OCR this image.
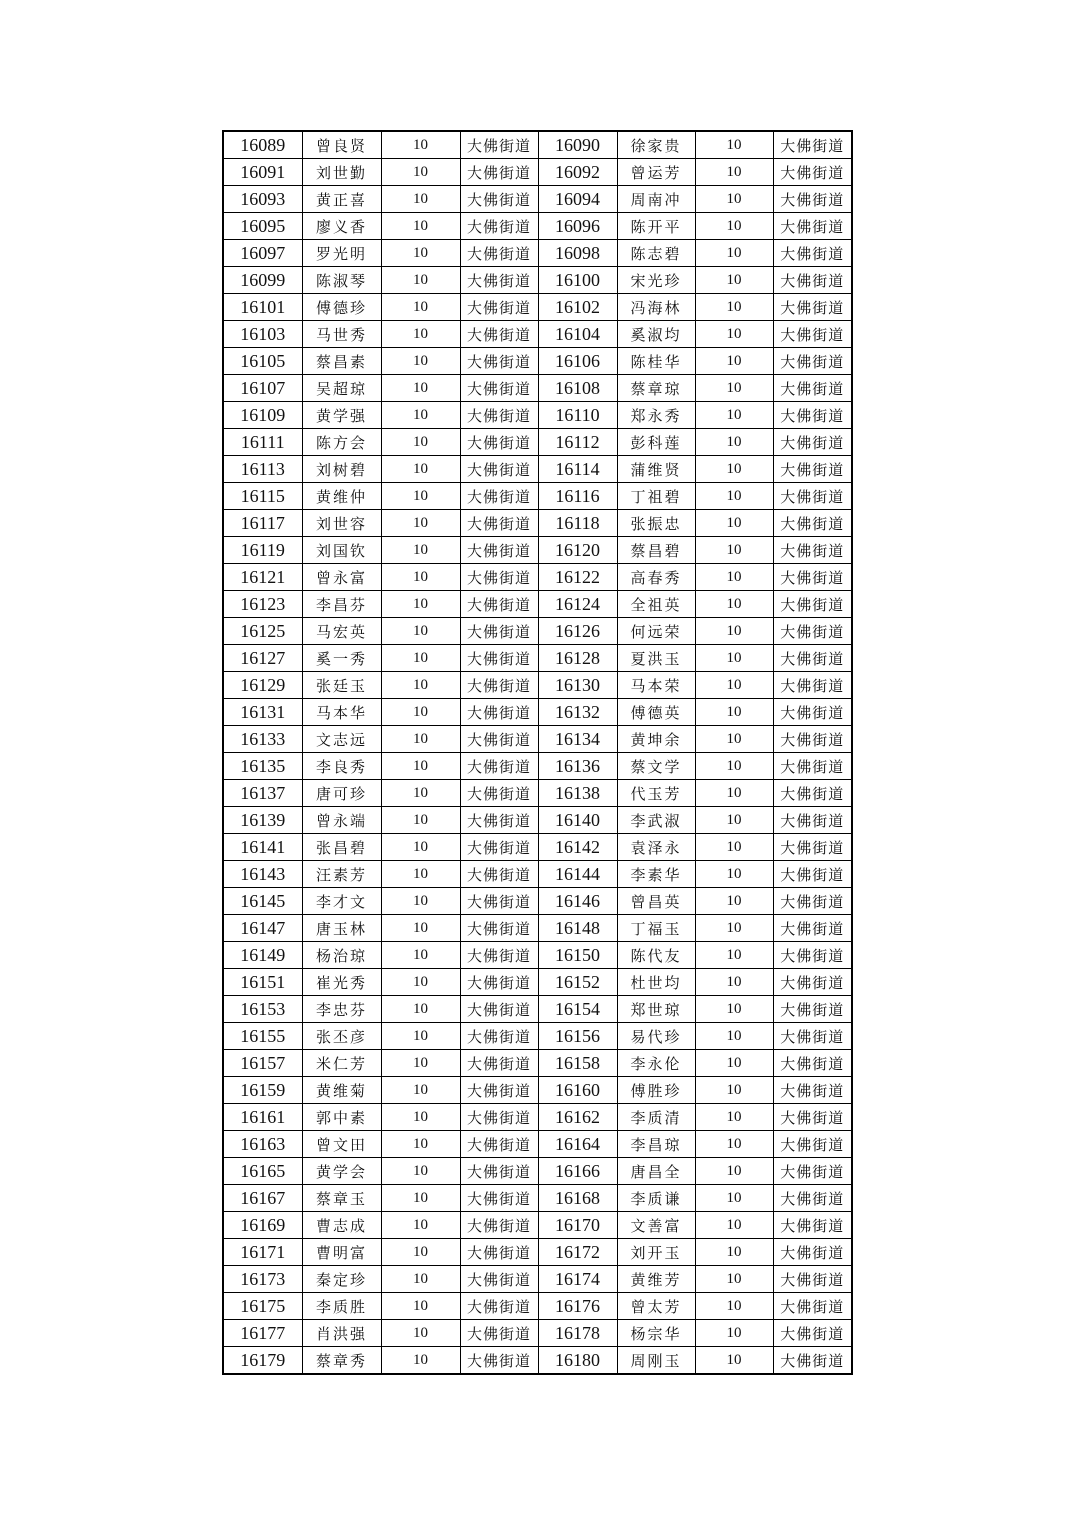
16089	曾良贤	10	大佛街道	16090	徐家贵	10	大佛街道
16091	刘世勤	10	大佛街道	16092	曾运芳	10	大佛街道
16093	黄正喜	10	大佛街道	16094	周南冲	10	大佛街道
16095	廖义香	10	大佛街道	16096	陈开平	10	大佛街道
16097	罗光明	10	大佛街道	16098	陈志碧	10	大佛街道
16099	陈淑琴	10	大佛街道	16100	宋光珍	10	大佛街道
16101	傅德珍	10	大佛街道	16102	冯海林	10	大佛街道
16103	马世秀	10	大佛街道	16104	奚淑均	10	大佛街道
16105	蔡昌素	10	大佛街道	16106	陈桂华	10	大佛街道
16107	吴超琼	10	大佛街道	16108	蔡章琼	10	大佛街道
16109	黄学强	10	大佛街道	16110	郑永秀	10	大佛街道
16111	陈方会	10	大佛街道	16112	彭科莲	10	大佛街道
16113	刘树碧	10	大佛街道	16114	蒲维贤	10	大佛街道
16115	黄维仲	10	大佛街道	16116	丁祖碧	10	大佛街道
16117	刘世容	10	大佛街道	16118	张振忠	10	大佛街道
16119	刘国钦	10	大佛街道	16120	蔡昌碧	10	大佛街道
16121	曾永富	10	大佛街道	16122	高春秀	10	大佛街道
16123	李昌芬	10	大佛街道	16124	全祖英	10	大佛街道
16125	马宏英	10	大佛街道	16126	何远荣	10	大佛街道
16127	奚一秀	10	大佛街道	16128	夏洪玉	10	大佛街道
16129	张廷玉	10	大佛街道	16130	马本荣	10	大佛街道
16131	马本华	10	大佛街道	16132	傅德英	10	大佛街道
16133	文志远	10	大佛街道	16134	黄坤余	10	大佛街道
16135	李良秀	10	大佛街道	16136	蔡文学	10	大佛街道
16137	唐可珍	10	大佛街道	16138	代玉芳	10	大佛街道
16139	曾永端	10	大佛街道	16140	李武淑	10	大佛街道
16141	张昌碧	10	大佛街道	16142	袁泽永	10	大佛街道
16143	汪素芳	10	大佛街道	16144	李素华	10	大佛街道
16145	李才文	10	大佛街道	16146	曾昌英	10	大佛街道
16147	唐玉林	10	大佛街道	16148	丁福玉	10	大佛街道
16149	杨治琼	10	大佛街道	16150	陈代友	10	大佛街道
16151	崔光秀	10	大佛街道	16152	杜世均	10	大佛街道
16153	李忠芬	10	大佛街道	16154	郑世琼	10	大佛街道
16155	张丕彦	10	大佛街道	16156	易代珍	10	大佛街道
16157	米仁芳	10	大佛街道	16158	李永伦	10	大佛街道
16159	黄维菊	10	大佛街道	16160	傅胜珍	10	大佛街道
16161	郭中素	10	大佛街道	16162	李质清	10	大佛街道
16163	曾文田	10	大佛街道	16164	李昌琼	10	大佛街道
16165	黄学会	10	大佛街道	16166	唐昌全	10	大佛街道
16167	蔡章玉	10	大佛街道	16168	李质谦	10	大佛街道
16169	曹志成	10	大佛街道	16170	文善富	10	大佛街道
16171	曹明富	10	大佛街道	16172	刘开玉	10	大佛街道
16173	秦定珍	10	大佛街道	16174	黄维芳	10	大佛街道
16175	李质胜	10	大佛街道	16176	曾太芳	10	大佛街道
16177	肖洪强	10	大佛街道	16178	杨宗华	10	大佛街道
16179	蔡章秀	10	大佛街道	16180	周刚玉	10	大佛街道
